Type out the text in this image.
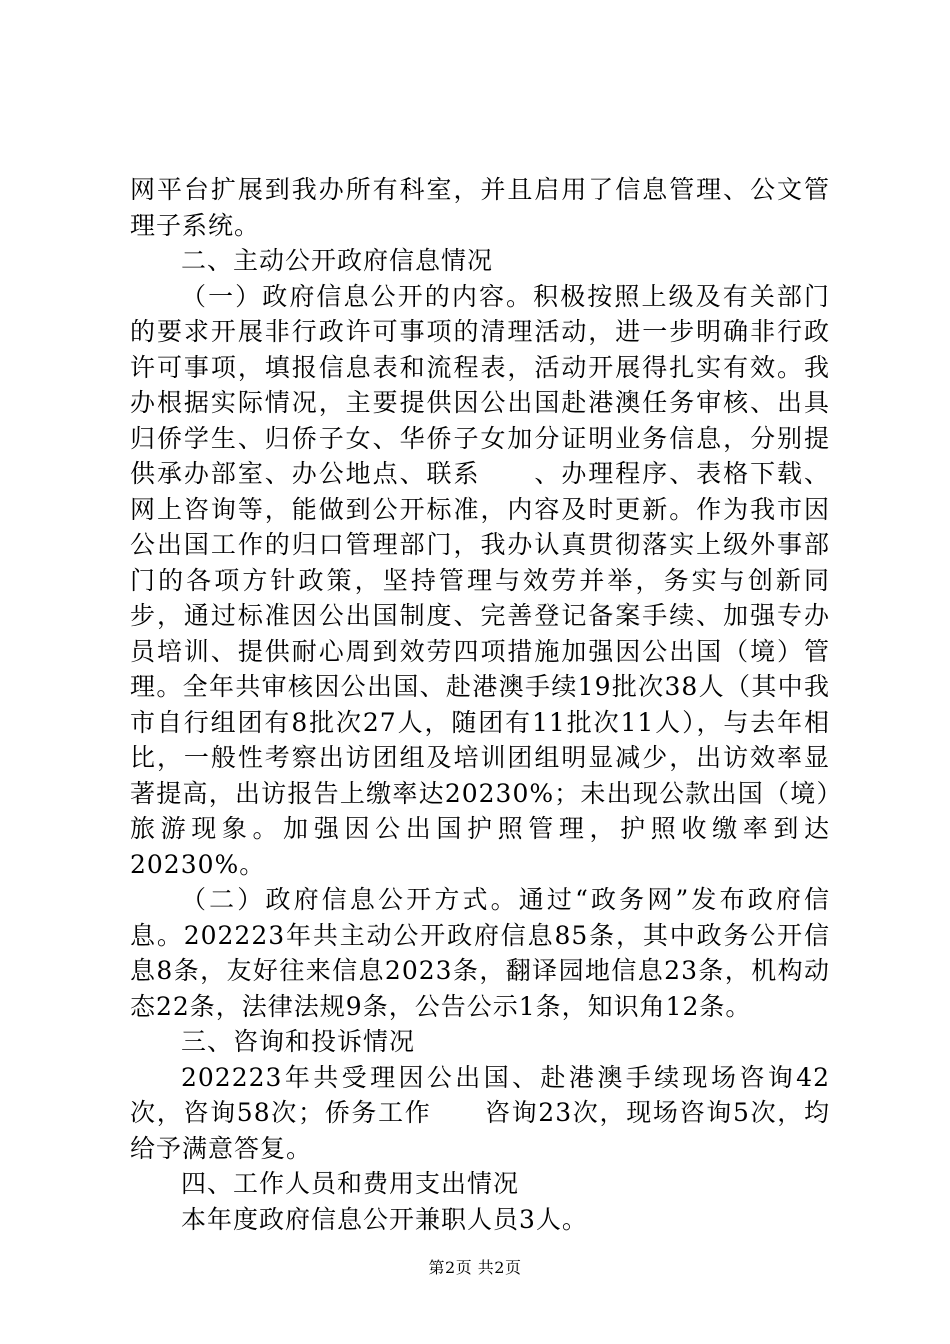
网平台扩展到我办所有科室，并且启用了信息管理、公文管理子系统。

二、主动公开政府信息情况

（一）政府信息公开的内容。积极按照上级及有关部门的要求开展非行政许可事项的清理活动，进一步明确非行政许可事项，填报信息表和流程表，活动开展得扎实有效。我办根据实际情况，主要提供因公出国赴港澳任务审核、出具归侨学生、归侨子女、华侨子女加分证明业务信息，分别提供承办部室、办公地点、联系　　、办理程序、表格下载、网上咨询等，能做到公开标准，内容及时更新。作为我市因公出国工作的归口管理部门，我办认真贯彻落实上级外事部门的各项方针政策，坚持管理与效劳并举，务实与创新同步，通过标准因公出国制度、完善登记备案手续、加强专办员培训、提供耐心周到效劳四项措施加强因公出国（境）管理。全年共审核因公出国、赴港澳手续19批次38人（其中我市自行组团有8批次27人，随团有11批次11人），与去年相比，一般性考察出访团组及培训团组明显减少，出访效率显著提高，出访报告上缴率达20230%；未出现公款出国（境）旅游现象。加强因公出国护照管理，护照收缴率到达20230%。

（二）政府信息公开方式。通过“政务网”发布政府信息。202223年共主动公开政府信息85条，其中政务公开信息8条，友好往来信息2023条，翻译园地信息23条，机构动态22条，法律法规9条，公告公示1条，知识角12条。

三、咨询和投诉情况

202223年共受理因公出国、赴港澳手续现场咨询42次，咨询58次；侨务工作　　咨询23次，现场咨询5次，均给予满意答复。

四、工作人员和费用支出情况

本年度政府信息公开兼职人员3人。

第2页 共2页
